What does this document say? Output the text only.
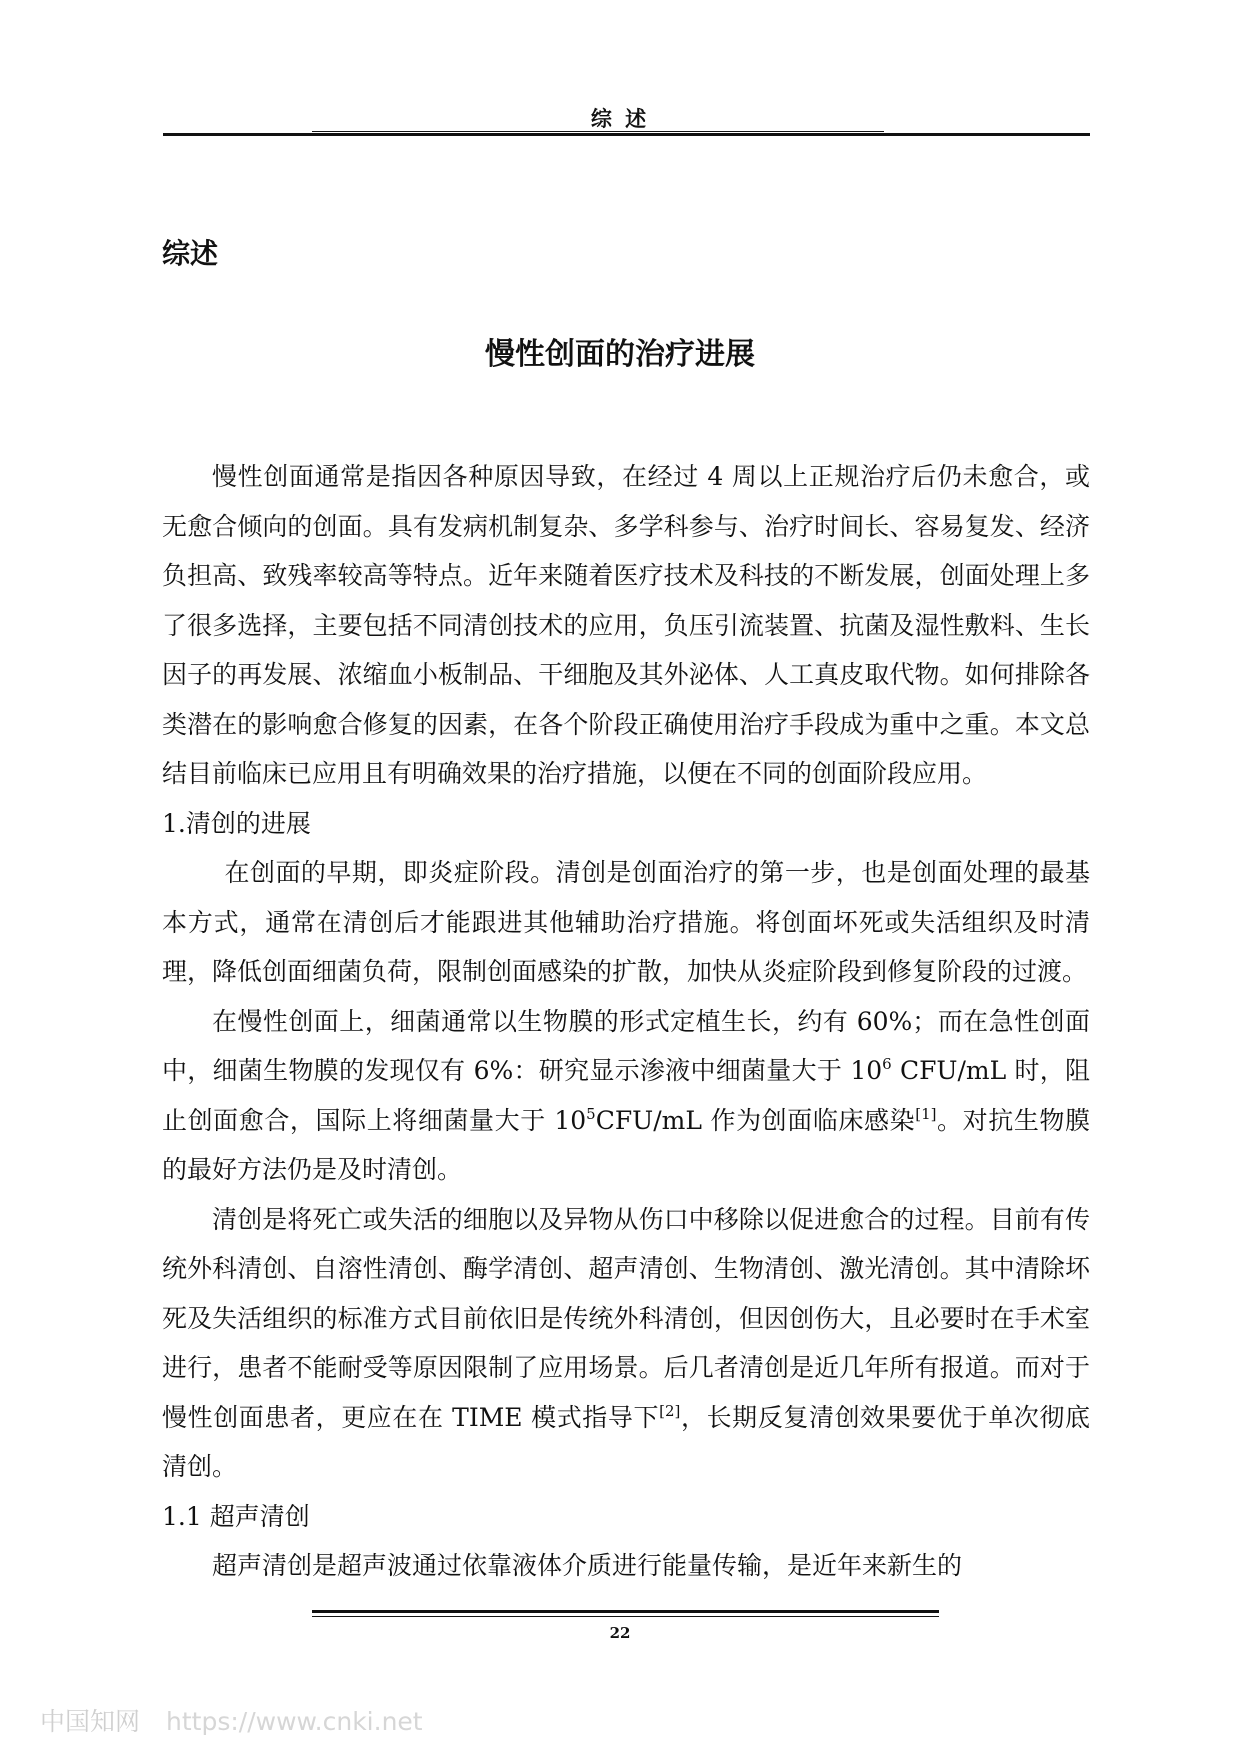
综 述
综述
慢性创面的治疗进展

慢性创面通常是指因各种原因导致，在经过 4 周以上正规治疗后仍未愈合，或无愈合倾向的创面。具有发病机制复杂、多学科参与、治疗时间长、容易复发、经济负担高、致残率较高等特点。近年来随着医疗技术及科技的不断发展，创面处理上多了很多选择，主要包括不同清创技术的应用，负压引流装置、抗菌及湿性敷料、生长因子的再发展、浓缩血小板制品、干细胞及其外泌体、人工真皮取代物。如何排除各类潜在的影响愈合修复的因素，在各个阶段正确使用治疗手段成为重中之重。本文总结目前临床已应用且有明确效果的治疗措施，以便在不同的创面阶段应用。

1.清创的进展

在创面的早期，即炎症阶段。清创是创面治疗的第一步，也是创面处理的最基本方式，通常在清创后才能跟进其他辅助治疗措施。将创面坏死或失活组织及时清理，降低创面细菌负荷，限制创面感染的扩散，加快从炎症阶段到修复阶段的过渡。

在慢性创面上，细菌通常以生物膜的形式定植生长，约有 60%；而在急性创面中，细菌生物膜的发现仅有 6%：研究显示渗液中细菌量大于 $10^6$ CFU/mL 时，阻止创面愈合，国际上将细菌量大于 $10^5CFU/mL$ 作为创面临床感染[1]。对抗生物膜的最好方法仍是及时清创。

清创是将死亡或失活的细胞以及异物从伤口中移除以促进愈合的过程。目前有传统外科清创、自溶性清创、酶学清创、超声清创、生物清创、激光清创。其中清除坏死及失活组织的标准方式目前依旧是传统外科清创，但因创伤大，且必要时在手术室进行，患者不能耐受等原因限制了应用场景。后几者清创是近几年所有报道。而对于慢性创面患者，更应在在 TIME 模式指导下[2]，长期反复清创效果要优于单次彻底清创。

1.1 超声清创

超声清创是超声波通过依靠液体介质进行能量传输，是近年来新生的

22
中国知网 https://www.cnki.net
